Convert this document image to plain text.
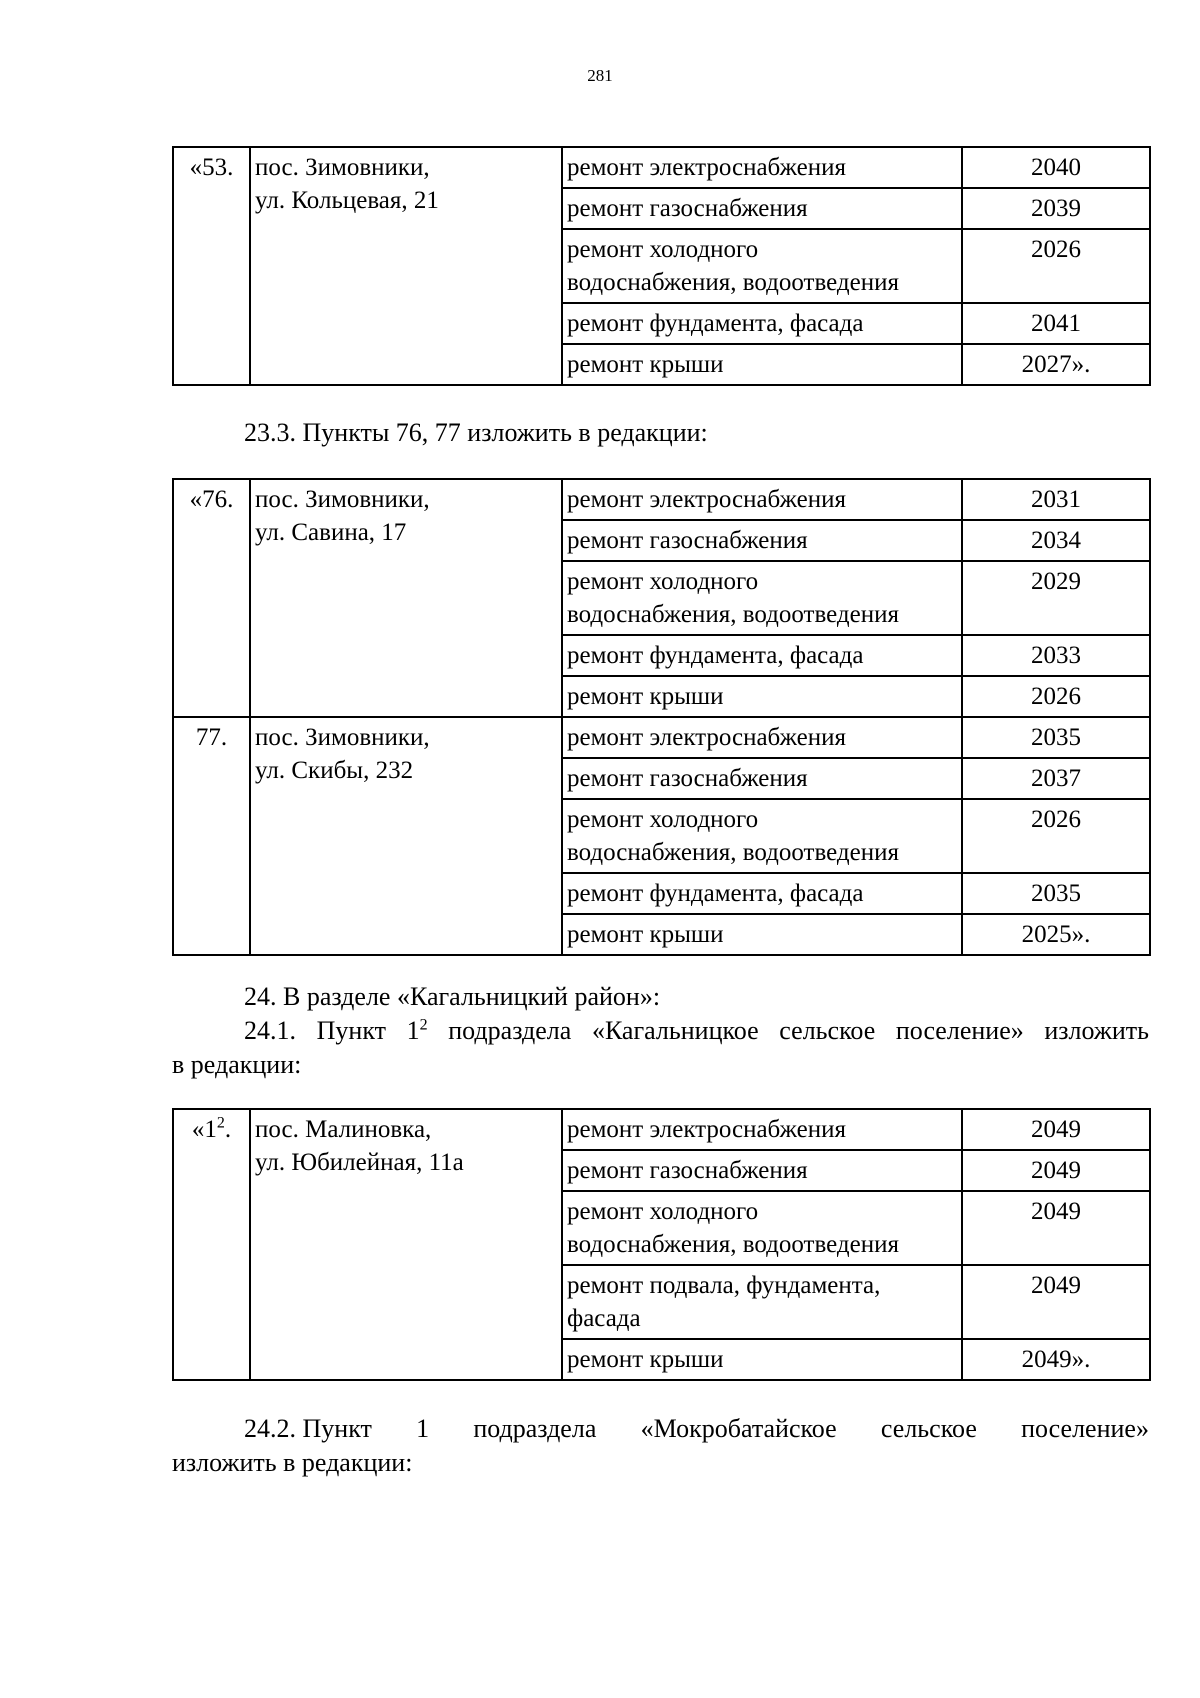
281
«53.	пос. Зимовники,
ул. Кольцевая, 21	ремонт электроснабжения	2040

		ремонт газоснабжения	2039

		ремонт холодного
водоснабжения, водоотведения	2026

		ремонт фундамента, фасада	2041

		ремонт крыши	2027».

23.3. Пункты 76, 77 изложить в редакции:

«76.	пос. Зимовники,
ул. Савина, 17	ремонт электроснабжения	2031

		ремонт газоснабжения	2034

		ремонт холодного
водоснабжения, водоотведения	2029

		ремонт фундамента, фасада	2033

		ремонт крыши	2026
77.	пос. Зимовники,
ул. Скибы, 232	ремонт электроснабжения	2035

		ремонт газоснабжения	2037

		ремонт холодного
водоснабжения, водоотведения	2026

		ремонт фундамента, фасада	2035

		ремонт крыши	2025».

24. В разделе «Кагальницкий район»:

24.1. Пункт $1^2$ подраздела «Кагальницкое сельское поселение» изложить
в редакции:
«$1^2$.	пос. Малиновка,
ул. Юбилейная, 11а	ремонт электроснабжения	2049

		ремонт газоснабжения	2049

		ремонт холодного
водоснабжения, водоотведения	2049

		ремонт подвала, фундамента,
фасада	2049

		ремонт крыши	2049».
24.2. Пункт 1 подраздела «Мокробатайское сельское поселение»
изложить в редакции:
